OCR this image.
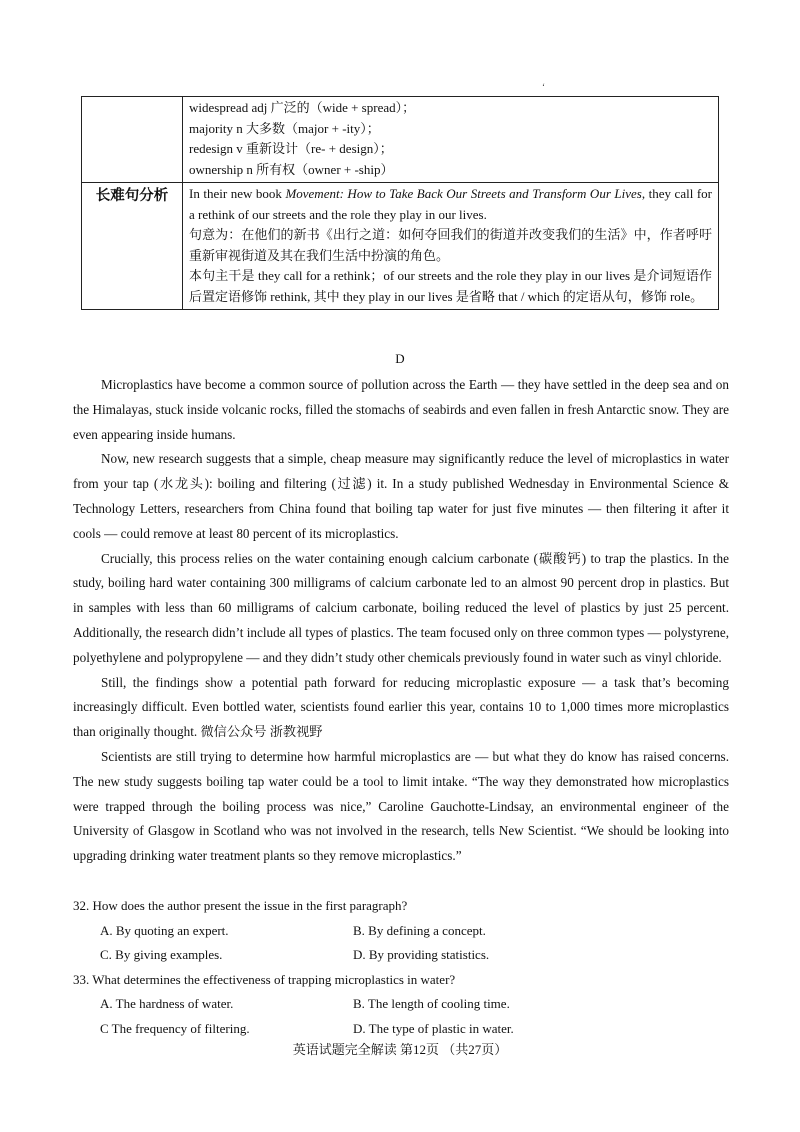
ʻ

	widespread adj 广泛的（wide + spread）；
majority n 大多数（major + -ity）；
redesign v 重新设计（re- + design）；
ownership n 所有权（owner + -ship）

长难句分析	In their new book Movement: How to Take Back Our Streets and Transform Our Lives, they call for a rethink of our streets and the role they play in our lives.
句意为：在他们的新书《出行之道：如何夺回我们的街道并改变我们的生活》中，作者呼吁重新审视街道及其在我们生活中扮演的角色。
本句主干是 they call for a rethink；of our streets and the role they play in our lives 是介词短语作后置定语修饰 rethink, 其中 they play in our lives 是省略 that / which 的定语从句，修饰 role。
D

Microplastics have become a common source of pollution across the Earth — they have settled in the deep sea and on the Himalayas, stuck inside volcanic rocks, filled the stomachs of seabirds and even fallen in fresh Antarctic snow. They are even appearing inside humans.

Now, new research suggests that a simple, cheap measure may significantly reduce the level of microplastics in water from your tap (水龙头): boiling and filtering (过滤) it. In a study published Wednesday in Environmental Science & Technology Letters, researchers from China found that boiling tap water for just five minutes — then filtering it after it cools — could remove at least 80 percent of its microplastics.

Crucially, this process relies on the water containing enough calcium carbonate (碳酸钙) to trap the plastics. In the study, boiling hard water containing 300 milligrams of calcium carbonate led to an almost 90 percent drop in plastics. But in samples with less than 60 milligrams of calcium carbonate, boiling reduced the level of plastics by just 25 percent. Additionally, the research didn’t include all types of plastics. The team focused only on three common types — polystyrene, polyethylene and polypropylene — and they didn’t study other chemicals previously found in water such as vinyl chloride.

Still, the findings show a potential path forward for reducing microplastic exposure — a task that’s becoming increasingly difficult. Even bottled water, scientists found earlier this year, contains 10 to 1,000 times more microplastics than originally thought. 微信公众号 浙教视野

Scientists are still trying to determine how harmful microplastics are — but what they do know has raised concerns. The new study suggests boiling tap water could be a tool to limit intake. “The way they demonstrated how microplastics were trapped through the boiling process was nice,” Caroline Gauchotte-Lindsay, an environmental engineer of the University of Glasgow in Scotland who was not involved in the research, tells New Scientist. “We should be looking into upgrading drinking water treatment plants so they remove microplastics.”

32. How does the author present the issue in the first paragraph?
A. By quoting an expert.	B. By defining a concept.
C. By giving examples.	D. By providing statistics.
33. What determines the effectiveness of trapping microplastics in water?
A. The hardness of water.	B. The length of cooling time.
C The frequency of filtering.	D. The type of plastic in water.
英语试题完全解读 第12页 （共27页）
